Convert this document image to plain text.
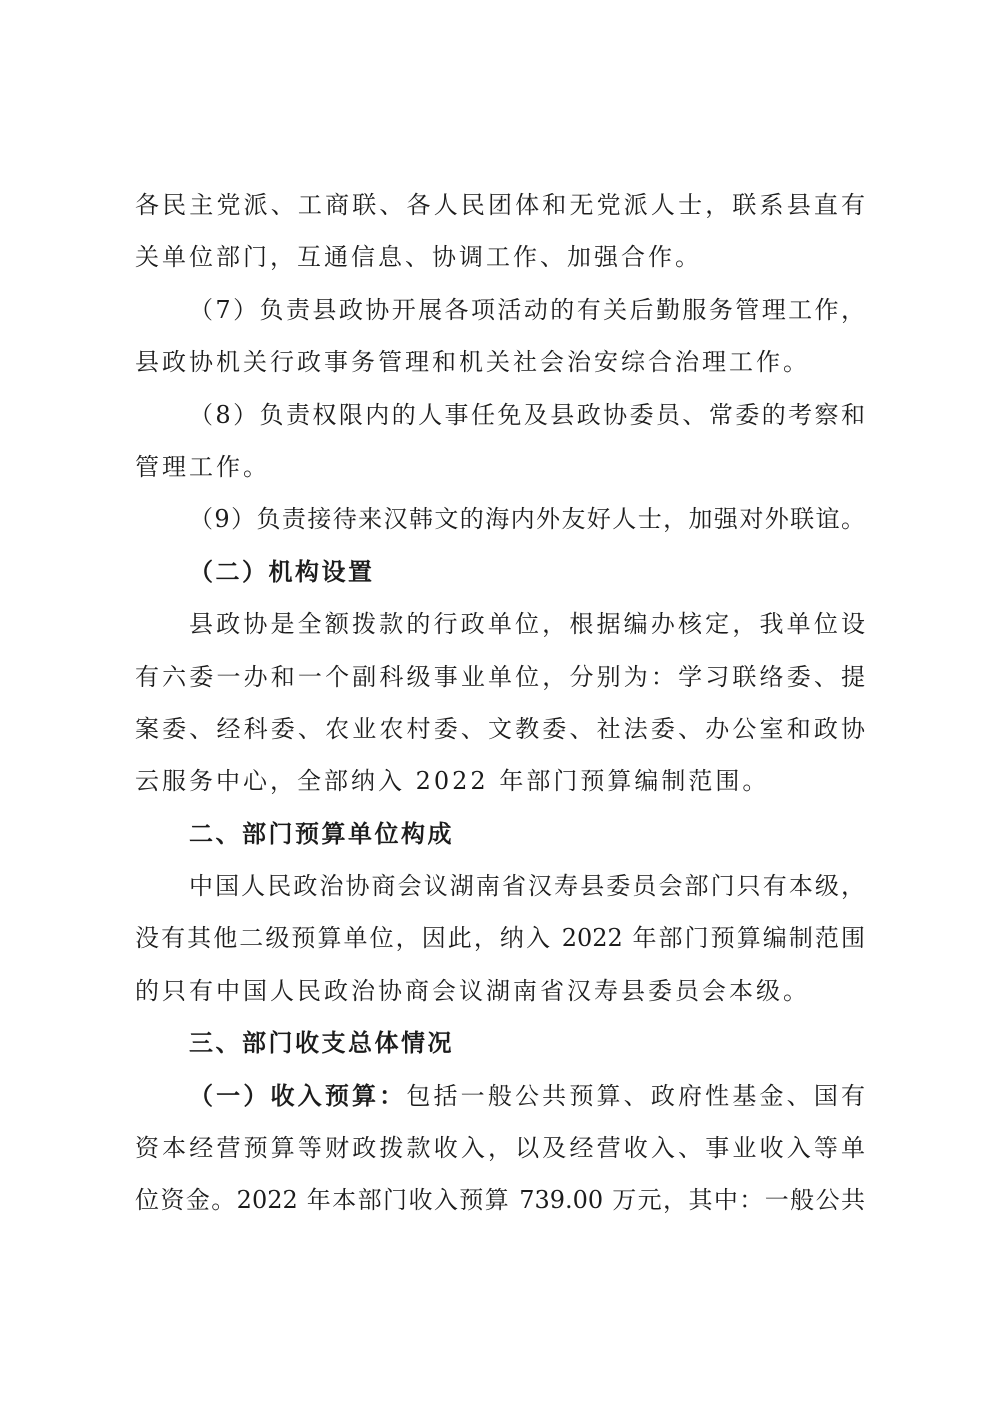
各民主党派、工商联、各人民团体和无党派人士，联系县直有
关单位部门，互通信息、协调工作、加强合作。
（7）负责县政协开展各项活动的有关后勤服务管理工作，
县政协机关行政事务管理和机关社会治安综合治理工作。
（8）负责权限内的人事任免及县政协委员、常委的考察和
管理工作。
（9）负责接待来汉韩文的海内外友好人士，加强对外联谊。
（二）机构设置
县政协是全额拨款的行政单位，根据编办核定，我单位设
有六委一办和一个副科级事业单位，分别为：学习联络委、提
案委、经科委、农业农村委、文教委、社法委、办公室和政协
云服务中心，全部纳入 2022 年部门预算编制范围。
二、部门预算单位构成
中国人民政治协商会议湖南省汉寿县委员会部门只有本级，
没有其他二级预算单位，因此，纳入 2022 年部门预算编制范围
的只有中国人民政治协商会议湖南省汉寿县委员会本级。
三、部门收支总体情况
（一）收入预算：包括一般公共预算、政府性基金、国有
资本经营预算等财政拨款收入，以及经营收入、事业收入等单
位资金。2022 年本部门收入预算 739.00 万元，其中：一般公共
